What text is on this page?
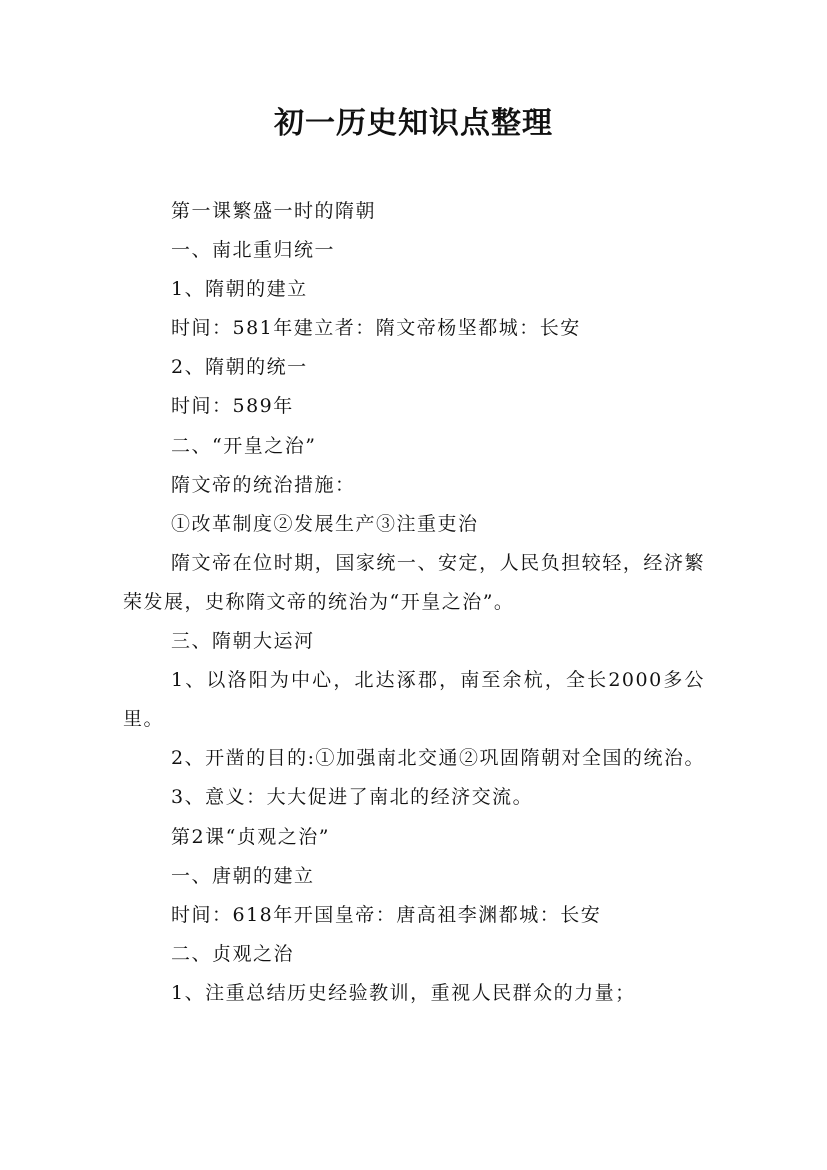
初一历史知识点整理

第一课繁盛一时的隋朝

一、南北重归统一

1、隋朝的建立

时间：581年建立者：隋文帝杨坚都城：长安

2、隋朝的统一

时间：589年

二、“开皇之治”

隋文帝的统治措施：

①改革制度②发展生产③注重吏治

隋文帝在位时期，国家统一、安定，人民负担较轻，经济繁荣发展，史称隋文帝的统治为“开皇之治”。

三、隋朝大运河

1、以洛阳为中心，北达涿郡，南至余杭，全长2000多公里。

2、开凿的目的:①加强南北交通②巩固隋朝对全国的统治。

3、意义：大大促进了南北的经济交流。

第2课“贞观之治”

一、唐朝的建立

时间：618年开国皇帝：唐高祖李渊都城：长安

二、贞观之治

1、注重总结历史经验教训，重视人民群众的力量；
